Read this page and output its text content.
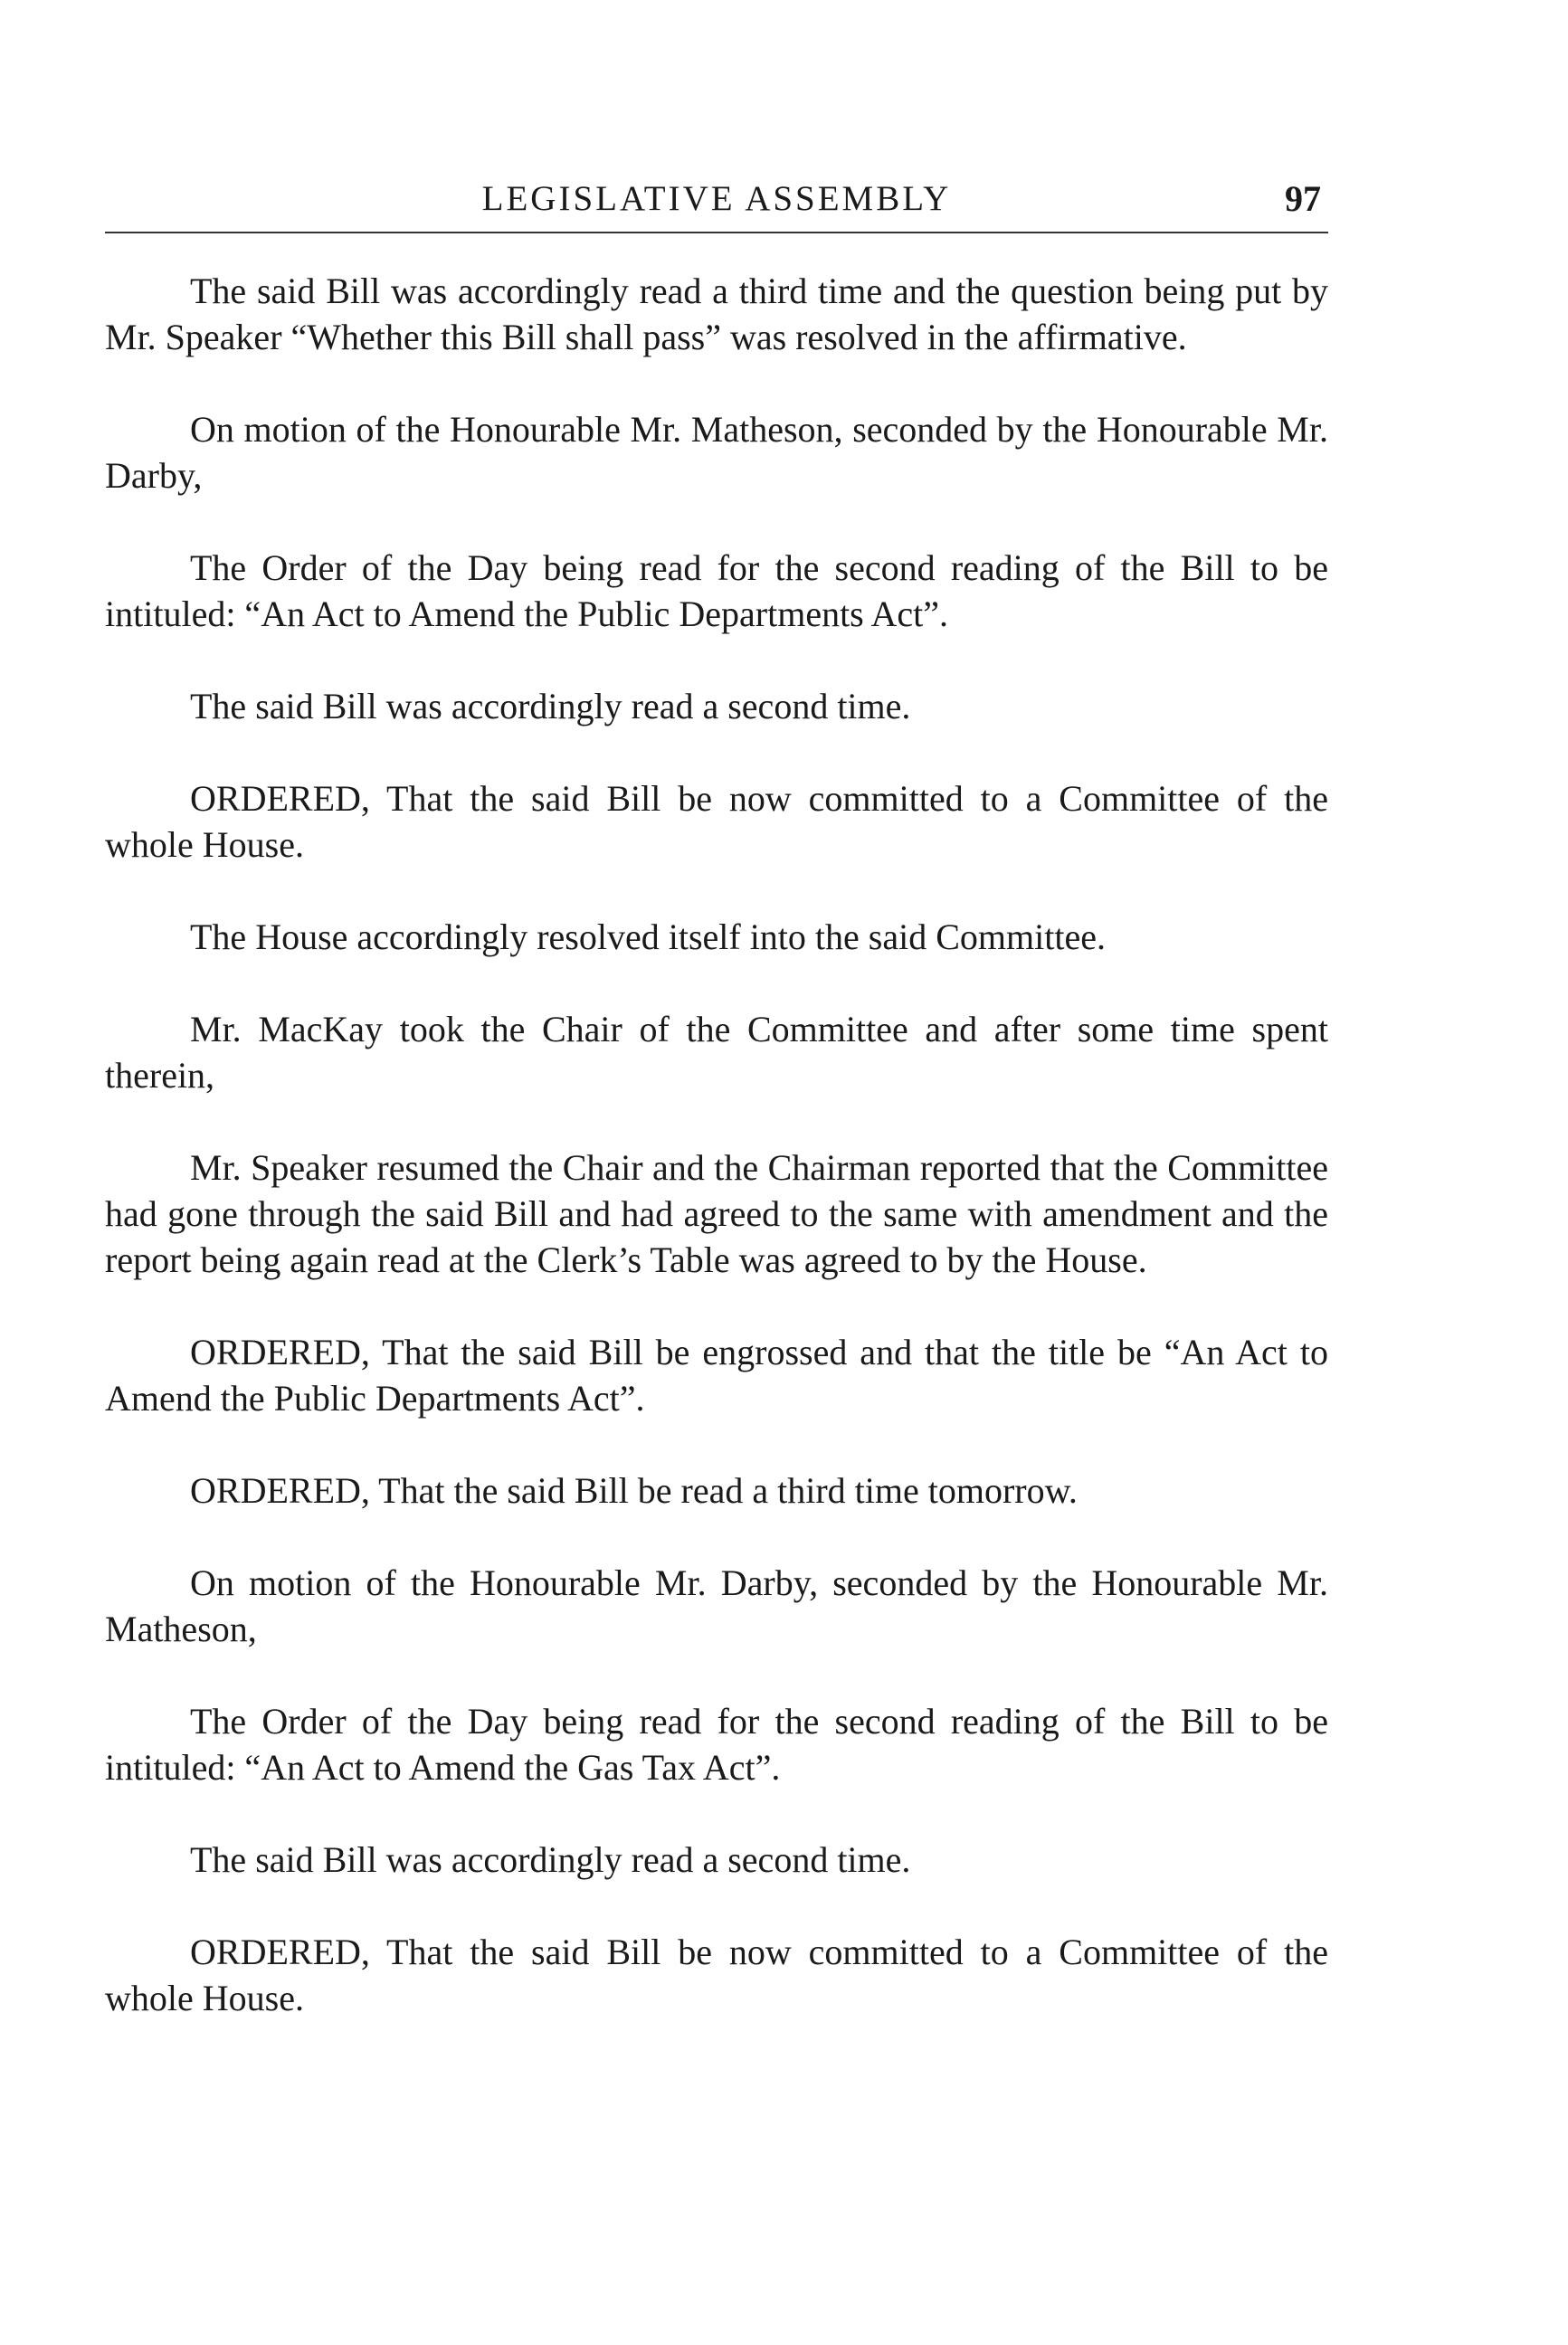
LEGISLATIVE ASSEMBLY	97

The said Bill was accordingly read a third time and the question being put by Mr. Speaker “Whether this Bill shall pass” was resolved in the affirmative.

On motion of the Honourable Mr. Matheson, seconded by the Honourable Mr. Darby,

The Order of the Day being read for the second reading of the Bill to be intituled: “An Act to Amend the Public Departments Act”.

The said Bill was accordingly read a second time.

ORDERED, That the said Bill be now committed to a Committee of the whole House.

The House accordingly resolved itself into the said Committee.

Mr. MacKay took the Chair of the Committee and after some time spent therein,

Mr. Speaker resumed the Chair and the Chairman reported that the Committee had gone through the said Bill and had agreed to the same with amendment and the report being again read at the Clerk’s Table was agreed to by the House.

ORDERED, That the said Bill be engrossed and that the title be “An Act to Amend the Public Departments Act”.

ORDERED, That the said Bill be read a third time tomorrow.

On motion of the Honourable Mr. Darby, seconded by the Honourable Mr. Matheson,

The Order of the Day being read for the second reading of the Bill to be intituled: “An Act to Amend the Gas Tax Act”.

The said Bill was accordingly read a second time.

ORDERED, That the said Bill be now committed to a Committee of the whole House.
